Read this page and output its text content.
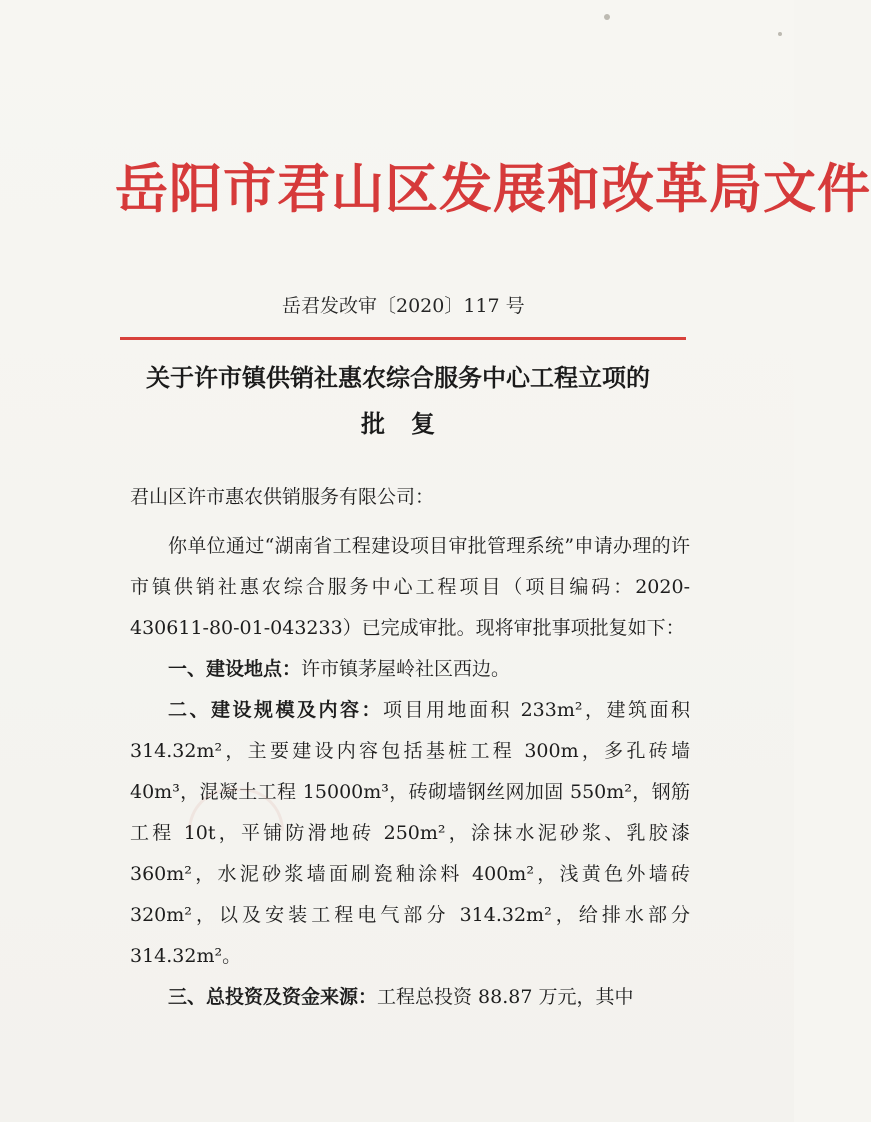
岳阳市君山区发展和改革局文件
岳君发改审〔2020〕117 号
关于许市镇供销社惠农综合服务中心工程立项的
批复
君山区许市惠农供销服务有限公司：

你单位通过“湖南省工程建设项目审批管理系统”申请办理的许市镇供销社惠农综合服务中心工程项目（项目编码：2020-430611-80-01-043233）已完成审批。现将审批事项批复如下：

一、建设地点：许市镇茅屋岭社区西边。

二、建设规模及内容：项目用地面积 233m²，建筑面积 314.32m²，主要建设内容包括基桩工程 300m，多孔砖墙 40m³，混凝土工程 15000m³，砖砌墙钢丝网加固 550m²，钢筋工程 10t，平铺防滑地砖 250m²，涂抹水泥砂浆、乳胶漆 360m²，水泥砂浆墙面刷瓷釉涂料 400m²，浅黄色外墙砖 320m²，以及安装工程电气部分 314.32m²，给排水部分 314.32m²。

三、总投资及资金来源：工程总投资 88.87 万元，其中
